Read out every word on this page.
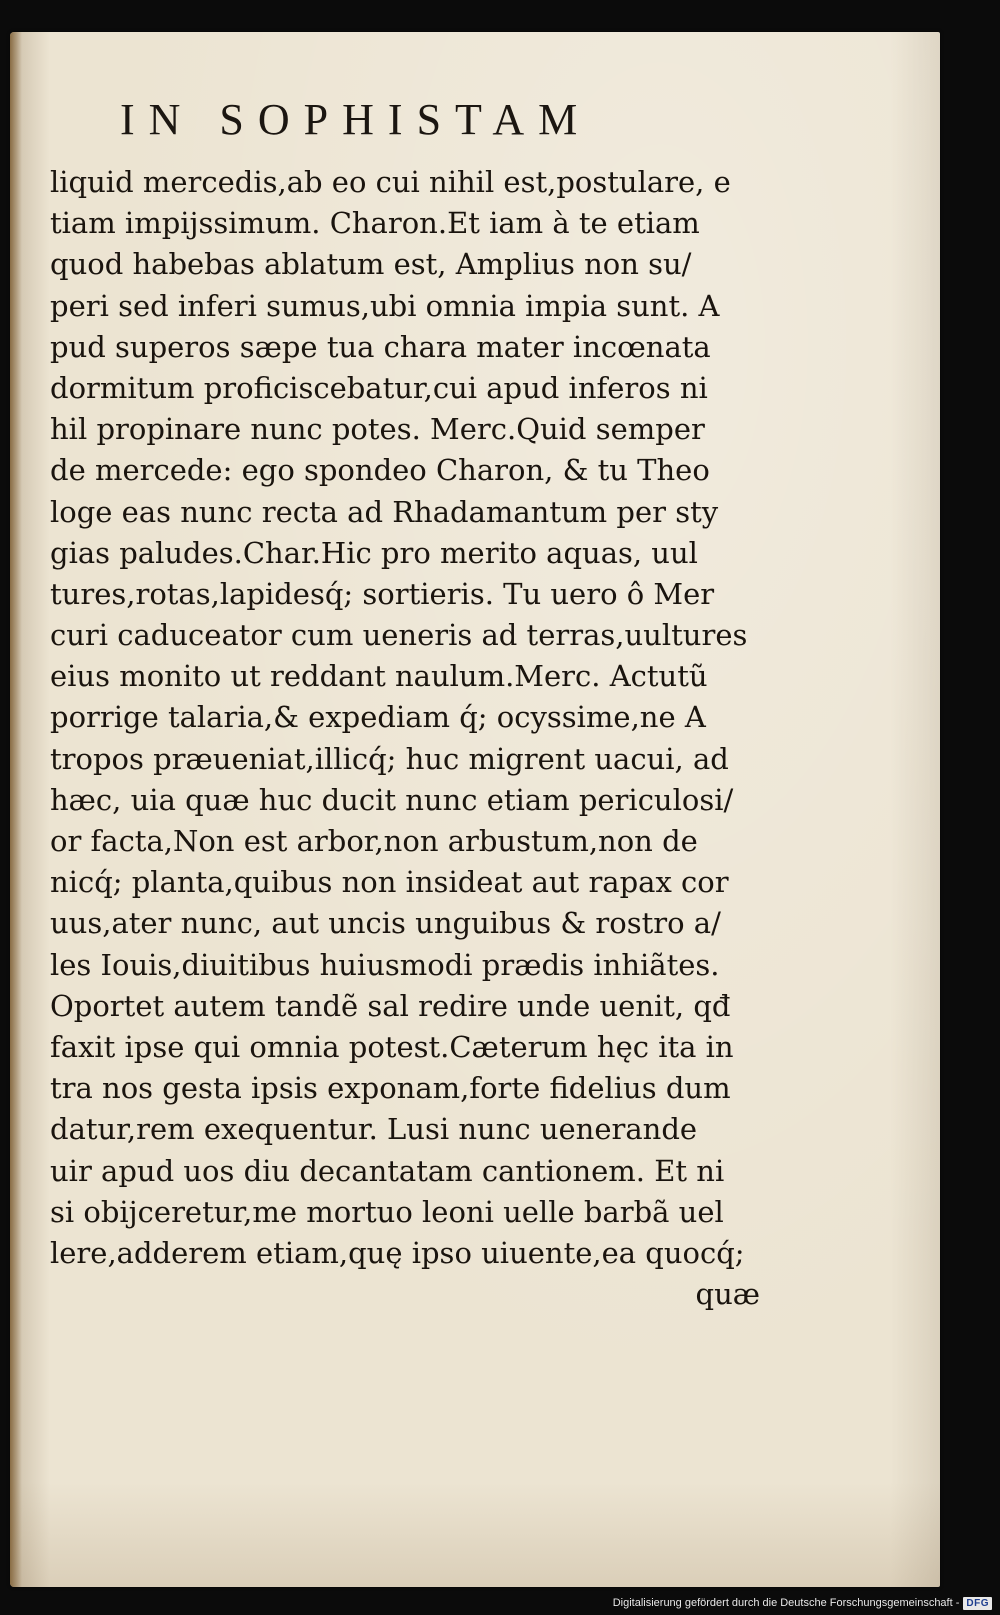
IN SOPHISTAM
liquid mercedis,ab eo cui nihil est,postulare, e
tiam impijssimum. Charon.Et iam à te etiam
quod habebas ablatum est, Amplius non su/
peri sed inferi sumus,ubi omnia impia sunt. A
pud superos sæpe tua chara mater incœnata
dormitum proficiscebatur,cui apud inferos ni
hil propinare nunc potes. Merc.Quid semper
de mercede: ego spondeo Charon, & tu Theo
loge eas nunc recta ad Rhadamantum per sty
gias paludes.Char.Hic pro merito aquas, uul
tures,rotas,lapidesq́; sortieris. Tu uero ô Mer
curi caduceator cum ueneris ad terras,uultures
eius monito ut reddant naulum.Merc. Actutũ
porrige talaria,& expediam q́; ocyssime,ne A
tropos præueniat,illicq́; huc migrent uacui, ad
hæc, uia quæ huc ducit nunc etiam periculosi/
or facta,Non est arbor,non arbustum,non de
nicq́; planta,quibus non insideat aut rapax cor
uus,ater nunc, aut uncis unguibus & rostro a/
les Iouis,diuitibus huiusmodi prædis inhiãtes.
Oportet autem tandẽ sal redire unde uenit, qđ
faxit ipse qui omnia potest.Cæterum hęc ita in
tra nos gesta ipsis exponam,forte fidelius dum
datur,rem exequentur. Lusi nunc uenerande
uir apud uos diu decantatam cantionem. Et ni
si obijceretur,me mortuo leoni uelle barbã uel
lere,adderem etiam,quę ipso uiuente,ea quocq́;
quæ
Digitalisierung gefördert durch die Deutsche Forschungsgemeinschaft - DFG
